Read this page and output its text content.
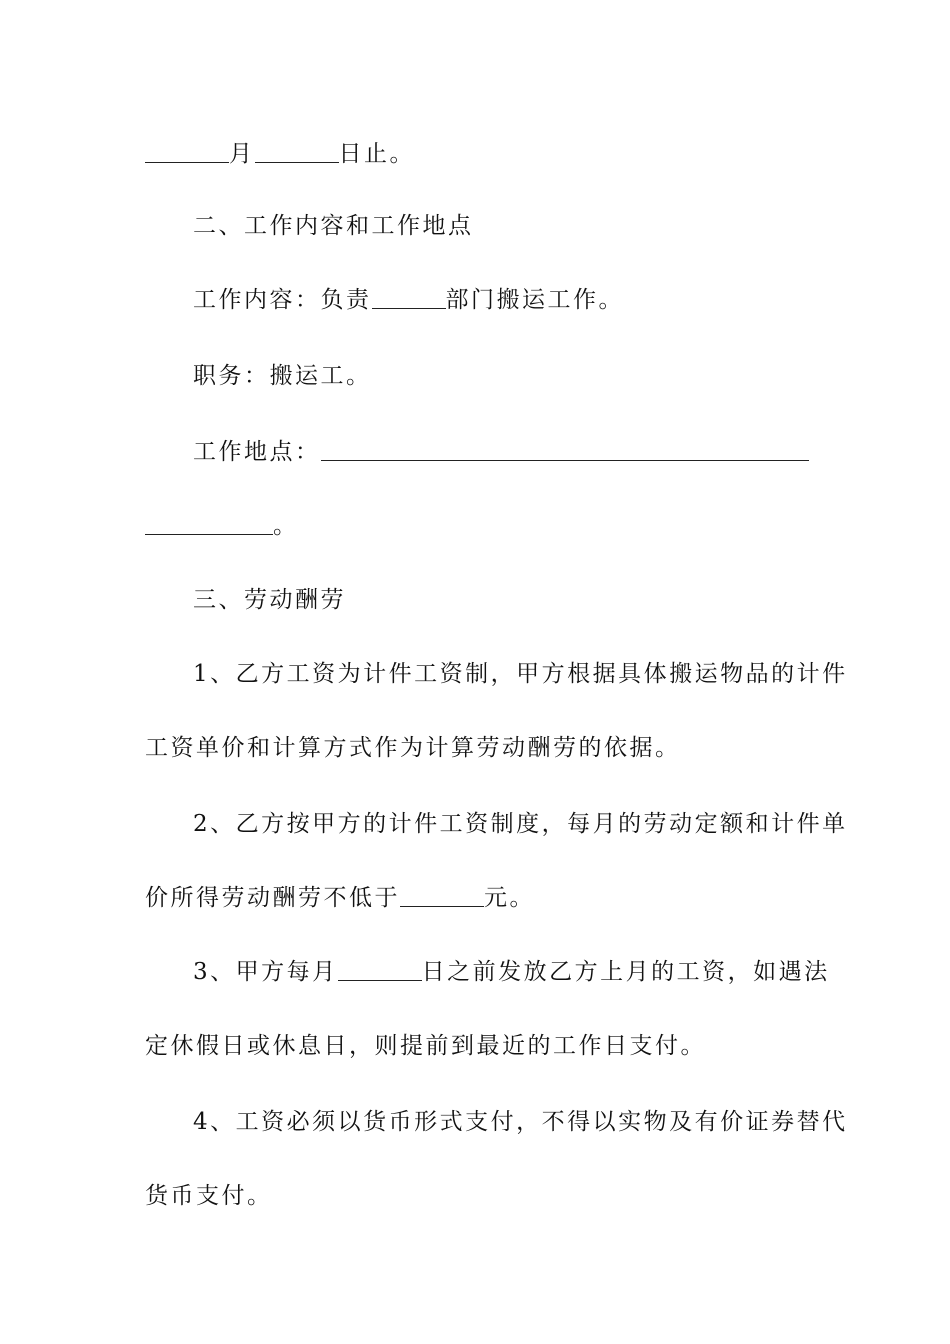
月	日止。
二、工作内容和工作地点
工作内容：负责	部门搬运工作。
职务：搬运工。
工作地点：
。
三、劳动酬劳
1、乙方工资为计件工资制，甲方根据具体搬运物品的计件
工资单价和计算方式作为计算劳动酬劳的依据。
2、乙方按甲方的计件工资制度，每月的劳动定额和计件单
价所得劳动酬劳不低于	元。
3、甲方每月	日之前发放乙方上月的工资，如遇法
定休假日或休息日，则提前到最近的工作日支付。
4、工资必须以货币形式支付，不得以实物及有价证券替代
货币支付。
